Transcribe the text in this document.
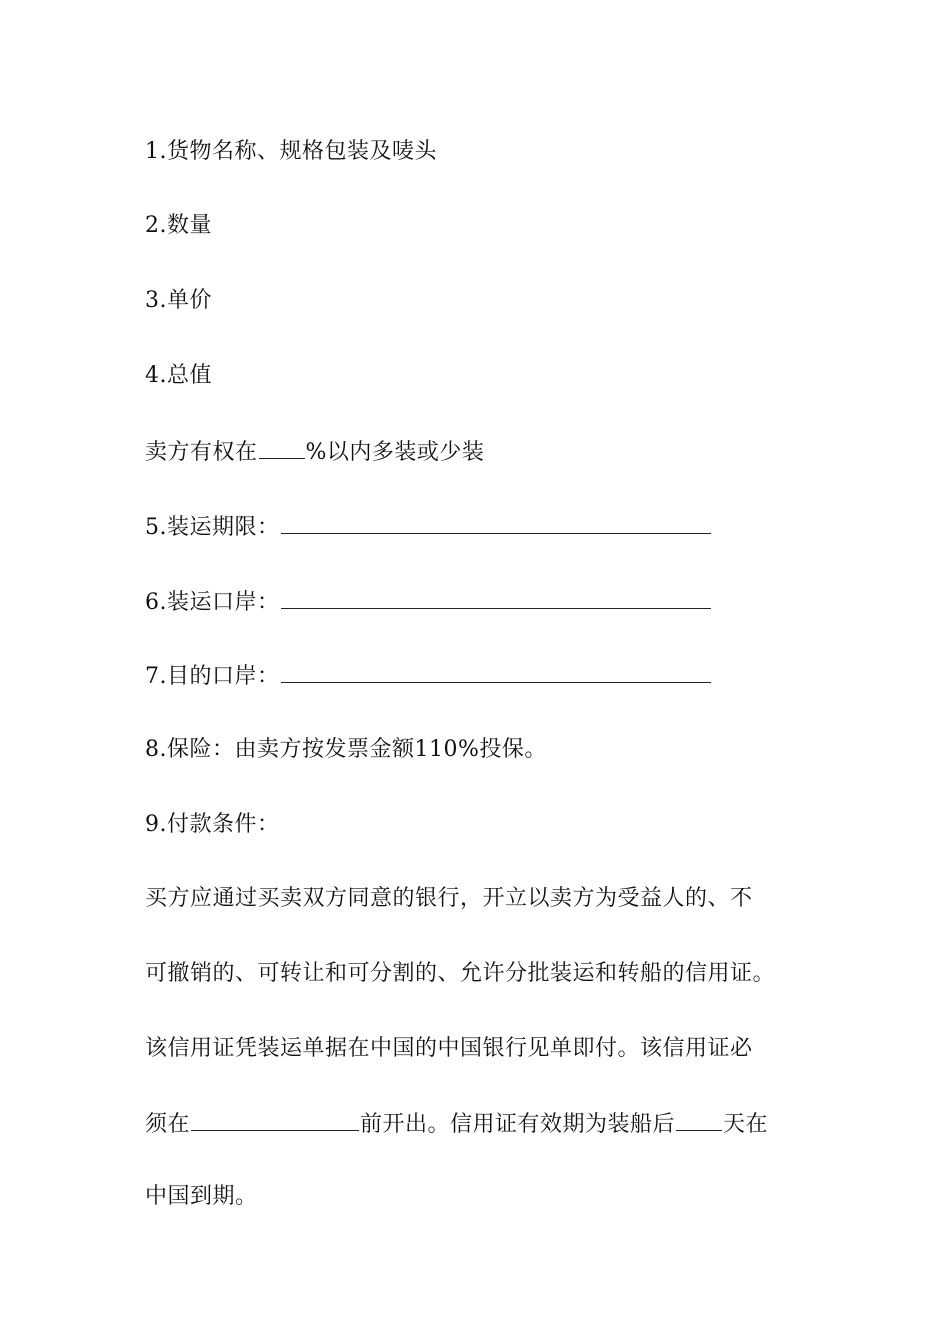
1.货物名称、规格包装及唛头
2.数量
3.单价
4.总值
卖方有权在 %以内多装或少装
5.装运期限：
6.装运口岸：
7.目的口岸：
8.保险：由卖方按发票金额110%投保。
9.付款条件：
买方应通过买卖双方同意的银行，开立以卖方为受益人的、不
可撤销的、可转让和可分割的、允许分批装运和转船的信用证。
该信用证凭装运单据在中国的中国银行见单即付。该信用证必
须在	前开出。信用证有效期为装船后 天在
中国到期。
